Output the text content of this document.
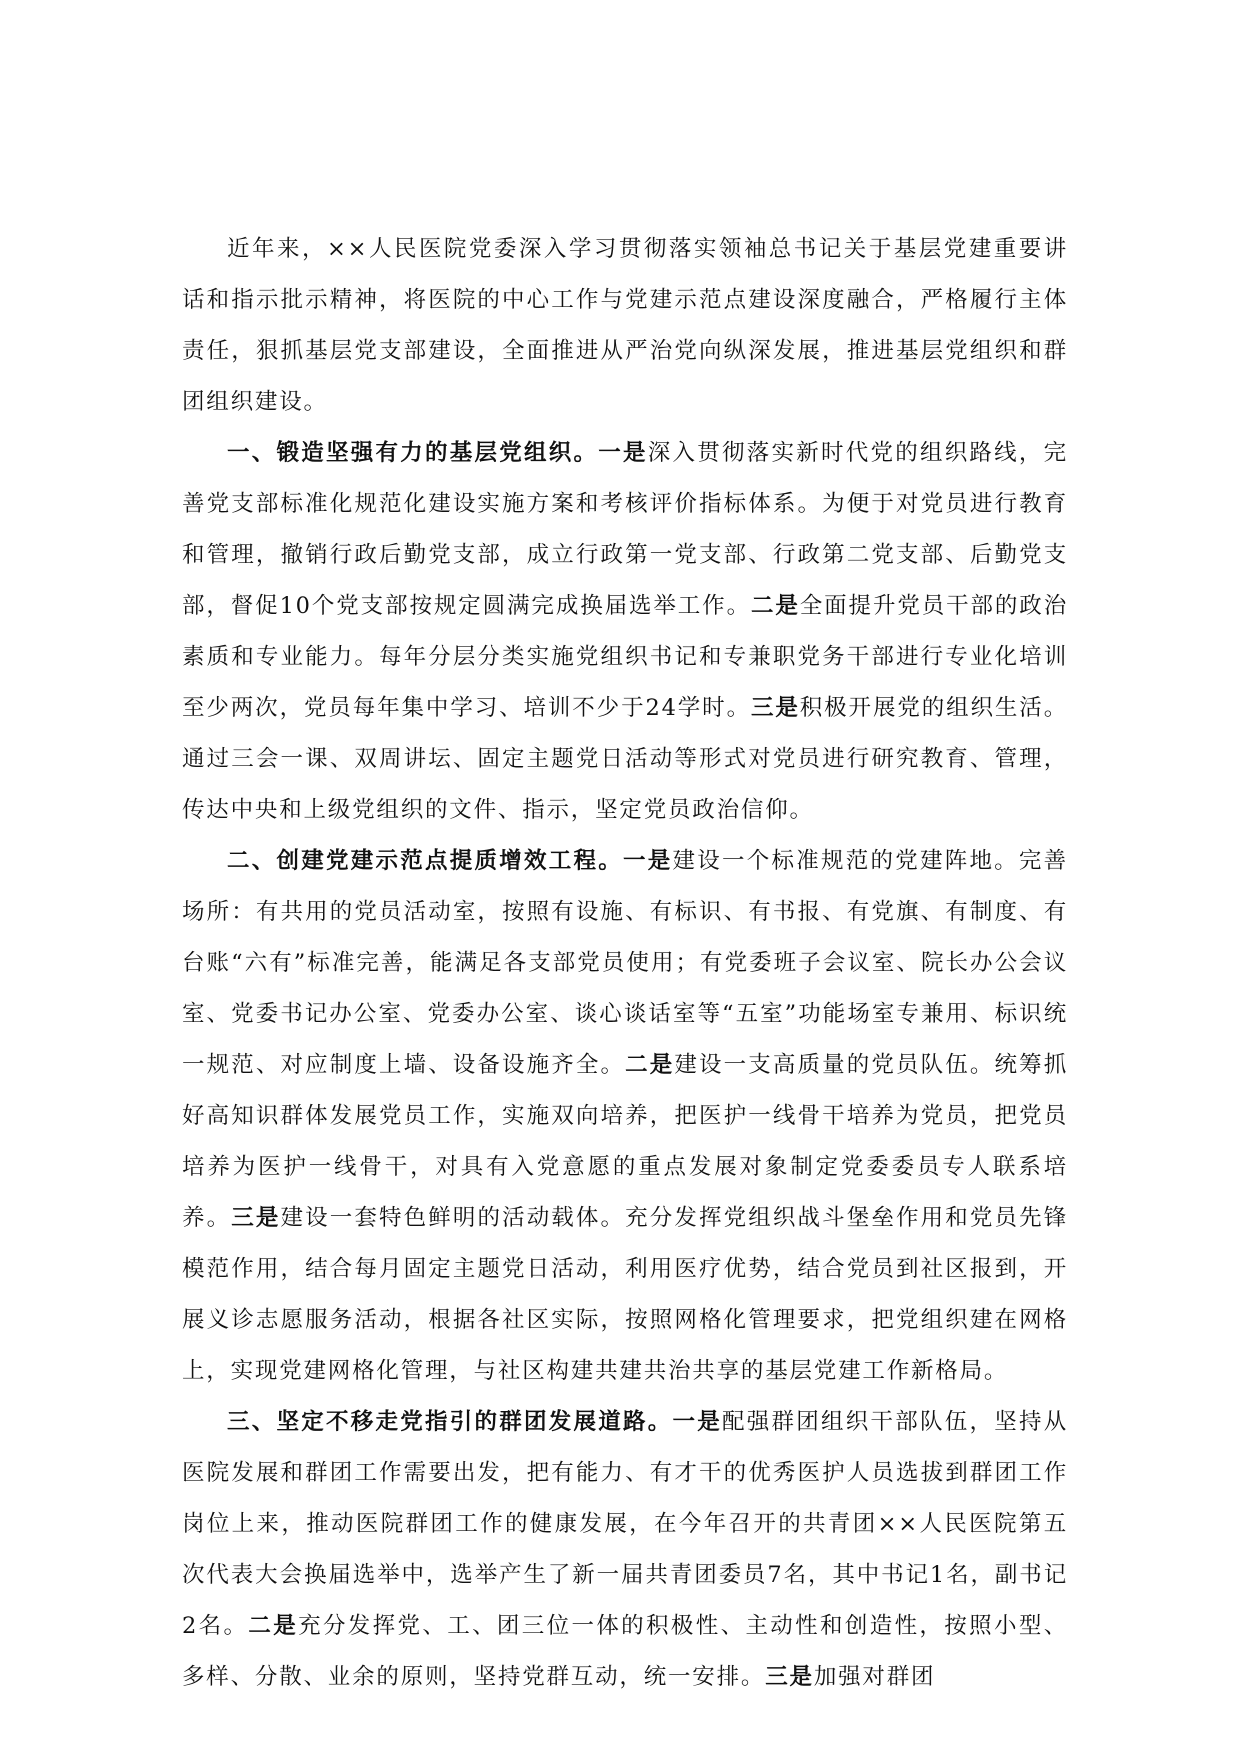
近年来，××人民医院党委深入学习贯彻落实领袖总书记关于基层党建重要讲话和指示批示精神，将医院的中心工作与党建示范点建设深度融合，严格履行主体责任，狠抓基层党支部建设，全面推进从严治党向纵深发展，推进基层党组织和群团组织建设。

一、锻造坚强有力的基层党组织。一是深入贯彻落实新时代党的组织路线，完善党支部标准化规范化建设实施方案和考核评价指标体系。为便于对党员进行教育和管理，撤销行政后勤党支部，成立行政第一党支部、行政第二党支部、后勤党支部，督促10个党支部按规定圆满完成换届选举工作。二是全面提升党员干部的政治素质和专业能力。每年分层分类实施党组织书记和专兼职党务干部进行专业化培训至少两次，党员每年集中学习、培训不少于24学时。三是积极开展党的组织生活。通过三会一课、双周讲坛、固定主题党日活动等形式对党员进行研究教育、管理，传达中央和上级党组织的文件、指示，坚定党员政治信仰。

二、创建党建示范点提质增效工程。一是建设一个标准规范的党建阵地。完善场所：有共用的党员活动室，按照有设施、有标识、有书报、有党旗、有制度、有台账“六有”标准完善，能满足各支部党员使用；有党委班子会议室、院长办公会议室、党委书记办公室、党委办公室、谈心谈话室等“五室”功能场室专兼用、标识统一规范、对应制度上墙、设备设施齐全。二是建设一支高质量的党员队伍。统筹抓好高知识群体发展党员工作，实施双向培养，把医护一线骨干培养为党员，把党员培养为医护一线骨干，对具有入党意愿的重点发展对象制定党委委员专人联系培养。三是建设一套特色鲜明的活动载体。充分发挥党组织战斗堡垒作用和党员先锋模范作用，结合每月固定主题党日活动，利用医疗优势，结合党员到社区报到，开展义诊志愿服务活动，根据各社区实际，按照网格化管理要求，把党组织建在网格上，实现党建网格化管理，与社区构建共建共治共享的基层党建工作新格局。

三、坚定不移走党指引的群团发展道路。一是配强群团组织干部队伍，坚持从医院发展和群团工作需要出发，把有能力、有才干的优秀医护人员选拔到群团工作岗位上来，推动医院群团工作的健康发展，在今年召开的共青团××人民医院第五次代表大会换届选举中，选举产生了新一届共青团委员7名，其中书记1名，副书记2名。二是充分发挥党、工、团三位一体的积极性、主动性和创造性，按照小型、多样、分散、业余的原则，坚持党群互动，统一安排。三是加强对群团
